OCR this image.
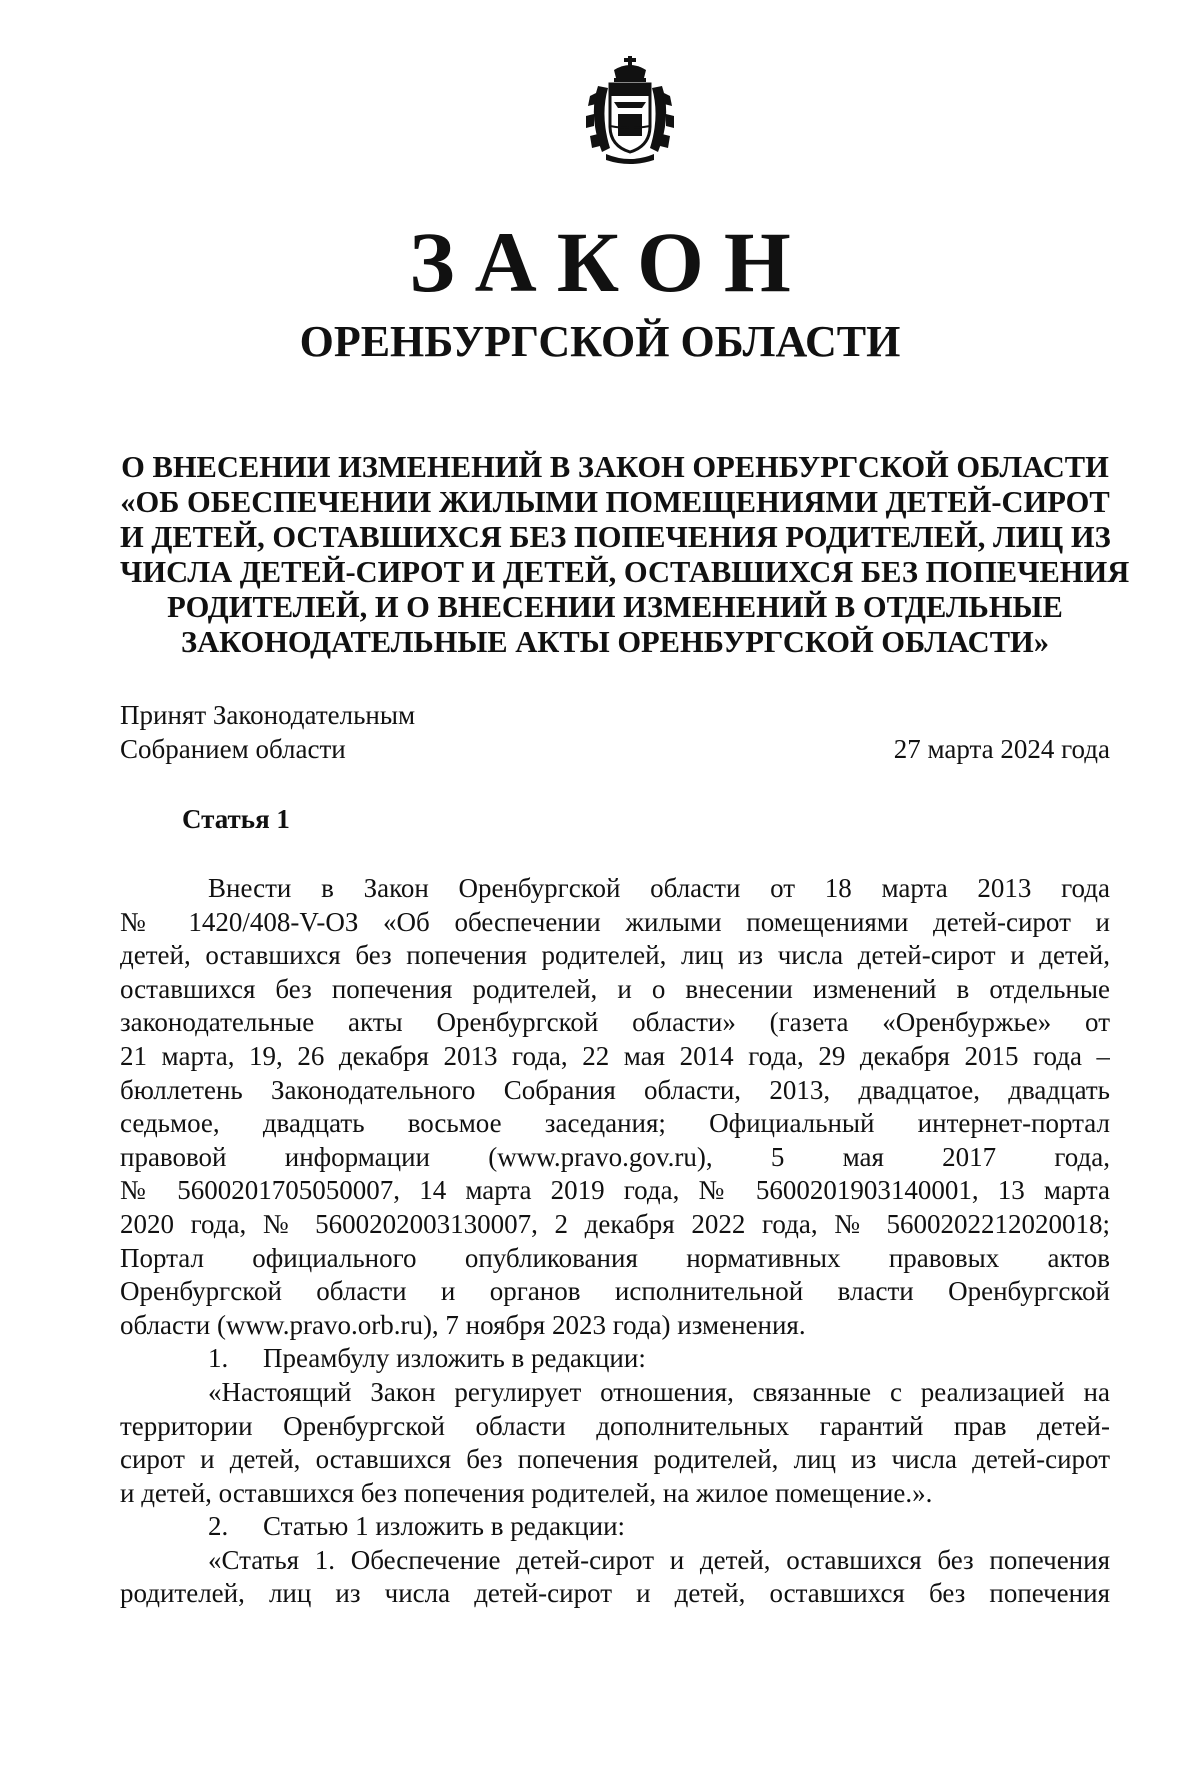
ЗАКОН
ОРЕНБУРГСКОЙ ОБЛАСТИ
О ВНЕСЕНИИ ИЗМЕНЕНИЙ В ЗАКОН ОРЕНБУРГСКОЙ ОБЛАСТИ
«ОБ ОБЕСПЕЧЕНИИ ЖИЛЫМИ ПОМЕЩЕНИЯМИ ДЕТЕЙ-СИРОТ
И ДЕТЕЙ, ОСТАВШИХСЯ БЕЗ ПОПЕЧЕНИЯ РОДИТЕЛЕЙ, ЛИЦ ИЗ
ЧИСЛА ДЕТЕЙ-СИРОТ И ДЕТЕЙ, ОСТАВШИХСЯ БЕЗ ПОПЕЧЕНИЯ
РОДИТЕЛЕЙ, И О ВНЕСЕНИИ ИЗМЕНЕНИЙ В ОТДЕЛЬНЫЕ
ЗАКОНОДАТЕЛЬНЫЕ АКТЫ ОРЕНБУРГСКОЙ ОБЛАСТИ»
Принят Законодательным
Собранием области	27 марта 2024 года
Статья 1
Внести в Закон Оренбургской области от 18 марта 2013 года
№ 1420/408-V-ОЗ «Об обеспечении жилыми помещениями детей-сирот и
детей, оставшихся без попечения родителей, лиц из числа детей-сирот и детей,
оставшихся без попечения родителей, и о внесении изменений в отдельные
законодательные акты Оренбургской области» (газета «Оренбуржье» от
21 марта, 19, 26 декабря 2013 года, 22 мая 2014 года, 29 декабря 2015 года –
бюллетень Законодательного Собрания области, 2013, двадцатое, двадцать
седьмое, двадцать восьмое заседания; Официальный интернет-портал
правовой информации (www.pravo.gov.ru), 5 мая 2017 года,
№ 5600201705050007, 14 марта 2019 года, № 5600201903140001, 13 марта
2020 года, № 5600202003130007, 2 декабря 2022 года, № 5600202212020018;
Портал официального опубликования нормативных правовых актов
Оренбургской области и органов исполнительной власти Оренбургской
области (www.pravo.orb.ru), 7 ноября 2023 года) изменения.
1. Преамбулу изложить в редакции:
«Настоящий Закон регулирует отношения, связанные с реализацией на
территории Оренбургской области дополнительных гарантий прав детей-
сирот и детей, оставшихся без попечения родителей, лиц из числа детей-сирот
и детей, оставшихся без попечения родителей, на жилое помещение.».
2. Статью 1 изложить в редакции:
«Статья 1. Обеспечение детей-сирот и детей, оставшихся без попечения
родителей, лиц из числа детей-сирот и детей, оставшихся без попечения
